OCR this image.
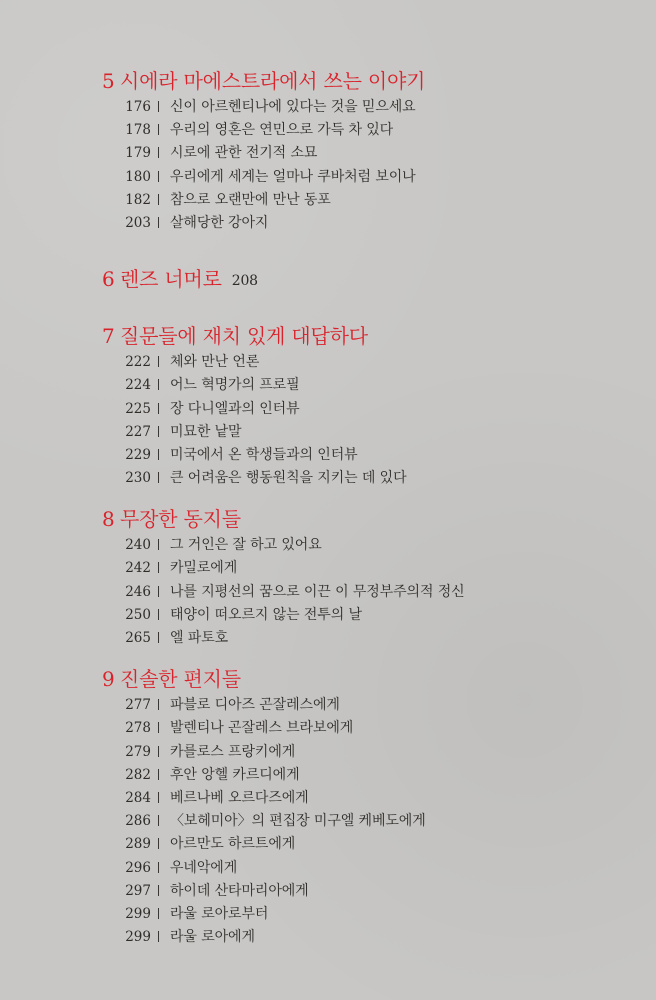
5 시에라 마에스트라에서 쓰는 이야기
176 신이 아르헨티나에 있다는 것을 믿으세요
178 우리의 영혼은 연민으로 가득 차 있다
179 시로에 관한 전기적 소묘
180 우리에게 세계는 얼마나 쿠바처럼 보이나
182 참으로 오랜만에 만난 동포
203 살해당한 강아지
6 렌즈 너머로 208
7 질문들에 재치 있게 대답하다
222 체와 만난 언론
224 어느 혁명가의 프로필
225 장 다니엘과의 인터뷰
227 미묘한 낱말
229 미국에서 온 학생들과의 인터뷰
230 큰 어려움은 행동원칙을 지키는 데 있다
8 무장한 동지들
240 그 거인은 잘 하고 있어요
242 카밀로에게
246 나를 지평선의 꿈으로 이끈 이 무정부주의적 정신
250 태양이 떠오르지 않는 전투의 날
265 엘 파토호
9 진솔한 편지들
277 파블로 디아즈 곤잘레스에게
278 발렌티나 곤잘레스 브라보에게
279 카를로스 프랑키에게
282 후안 앙헬 카르디에게
284 베르나베 오르다즈에게
286 〈보헤미아〉의 편집장 미구엘 케베도에게
289 아르만도 하르트에게
296 우네악에게
297 하이데 산타마리아에게
299 라울 로아로부터
299 라울 로아에게
